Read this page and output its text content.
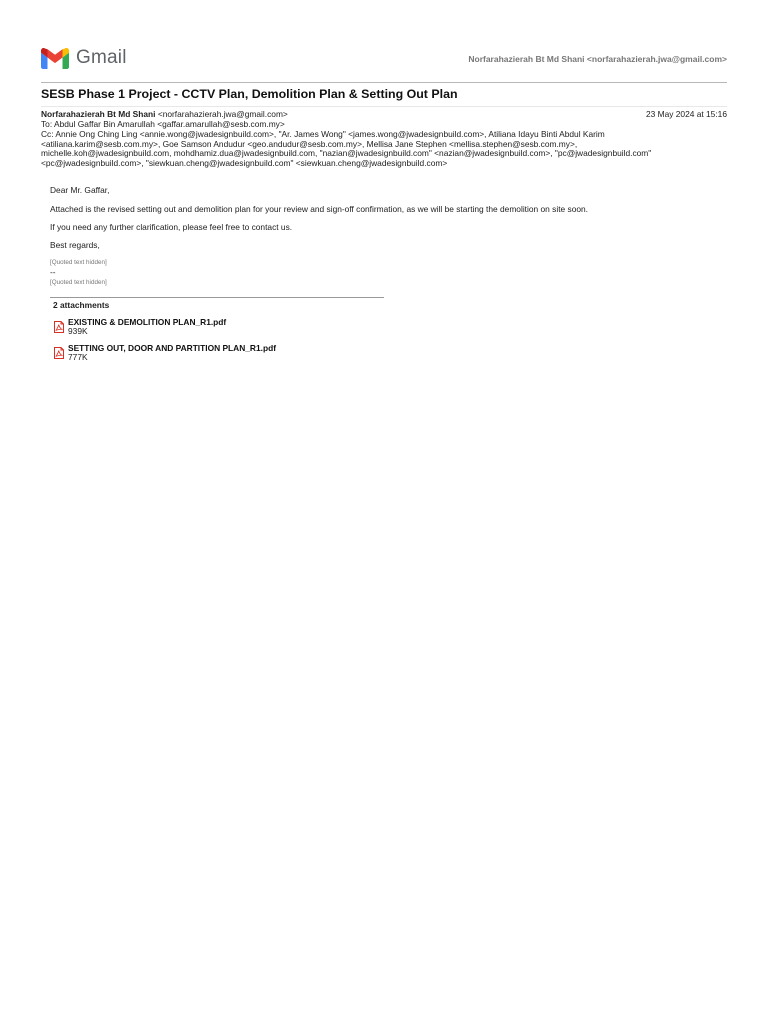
Gmail	Norfarahazierah Bt Md Shani <norfarahazierah.jwa@gmail.com>
SESB Phase 1 Project - CCTV Plan, Demolition Plan & Setting Out Plan
Norfarahazierah Bt Md Shani <norfarahazierah.jwa@gmail.com>	23 May 2024 at 15:16
To: Abdul Gaffar Bin Amarullah <gaffar.amarullah@sesb.com.my>
Cc: Annie Ong Ching Ling <annie.wong@jwadesignbuild.com>, "Ar. James Wong" <james.wong@jwadesignbuild.com>, Atiliana Idayu Binti Abdul Karim
<atiliana.karim@sesb.com.my>, Goe Samson Andudur <geo.andudur@sesb.com.my>, Mellisa Jane Stephen <mellisa.stephen@sesb.com.my>,
michelle.koh@jwadesignbuild.com, mohdhamiz.dua@jwadesignbuild.com, "nazian@jwadesignbuild.com" <nazian@jwadesignbuild.com>, "pc@jwadesignbuild.com"
<pc@jwadesignbuild.com>, "siewkuan.cheng@jwadesignbuild.com" <siewkuan.cheng@jwadesignbuild.com>
Dear Mr. Gaffar,
Attached is the revised setting out and demolition plan for your review and sign-off confirmation, as we will be starting the demolition on site soon.
If you need any further clarification, please feel free to contact us.
Best regards,
[Quoted text hidden]
--
[Quoted text hidden]
2 attachments
EXISTING & DEMOLITION PLAN_R1.pdf
939K
SETTING OUT, DOOR AND PARTITION PLAN_R1.pdf
777K
